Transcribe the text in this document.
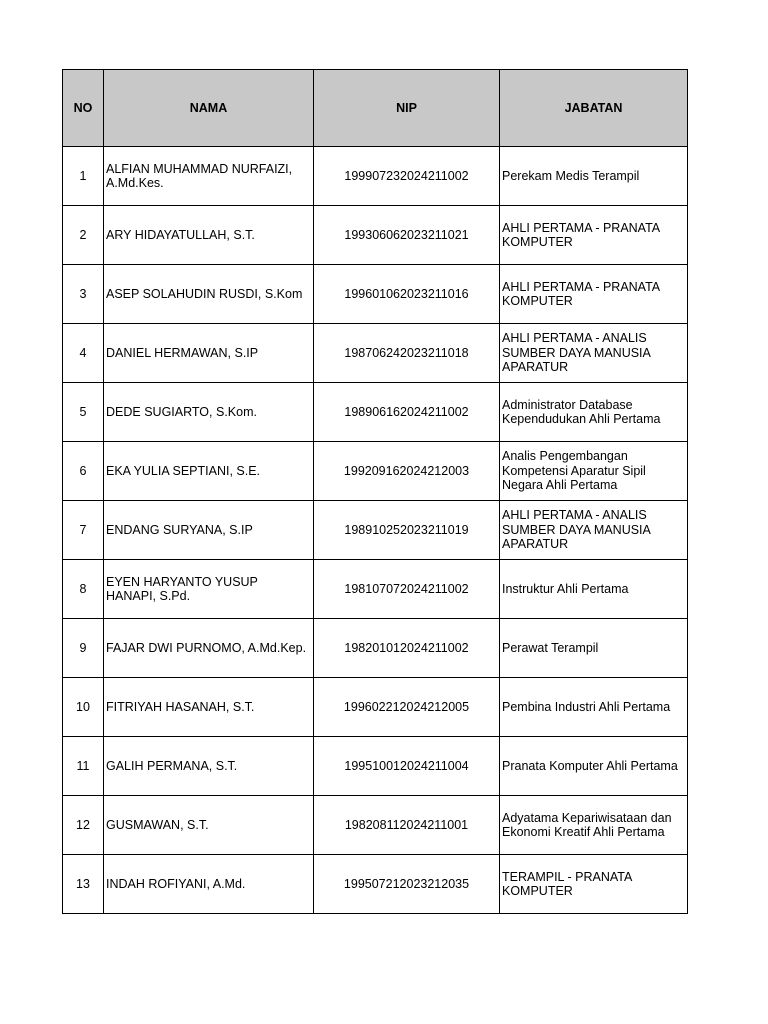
NO	NAMA	NIP	JABATAN
1	ALFIAN MUHAMMAD NURFAIZI, A.Md.Kes.	199907232024211002	Perekam Medis Terampil
2	ARY HIDAYATULLAH, S.T.	199306062023211021	AHLI PERTAMA - PRANATA KOMPUTER
3	ASEP SOLAHUDIN RUSDI, S.Kom	199601062023211016	AHLI PERTAMA - PRANATA KOMPUTER
4	DANIEL HERMAWAN, S.IP	198706242023211018	AHLI PERTAMA - ANALIS SUMBER DAYA MANUSIA APARATUR
5	DEDE SUGIARTO, S.Kom.	198906162024211002	Administrator Database Kependudukan Ahli Pertama
6	EKA YULIA SEPTIANI, S.E.	199209162024212003	Analis Pengembangan Kompetensi Aparatur Sipil Negara Ahli Pertama
7	ENDANG SURYANA, S.IP	198910252023211019	AHLI PERTAMA - ANALIS SUMBER DAYA MANUSIA APARATUR
8	EYEN HARYANTO YUSUP HANAPI, S.Pd.	198107072024211002	Instruktur Ahli Pertama
9	FAJAR DWI PURNOMO, A.Md.Kep.	198201012024211002	Perawat Terampil
10	FITRIYAH HASANAH, S.T.	199602212024212005	Pembina Industri Ahli Pertama
11	GALIH PERMANA, S.T.	199510012024211004	Pranata Komputer Ahli Pertama
12	GUSMAWAN, S.T.	198208112024211001	Adyatama Kepariwisataan dan Ekonomi Kreatif Ahli Pertama
13	INDAH ROFIYANI, A.Md.	199507212023212035	TERAMPIL - PRANATA KOMPUTER
